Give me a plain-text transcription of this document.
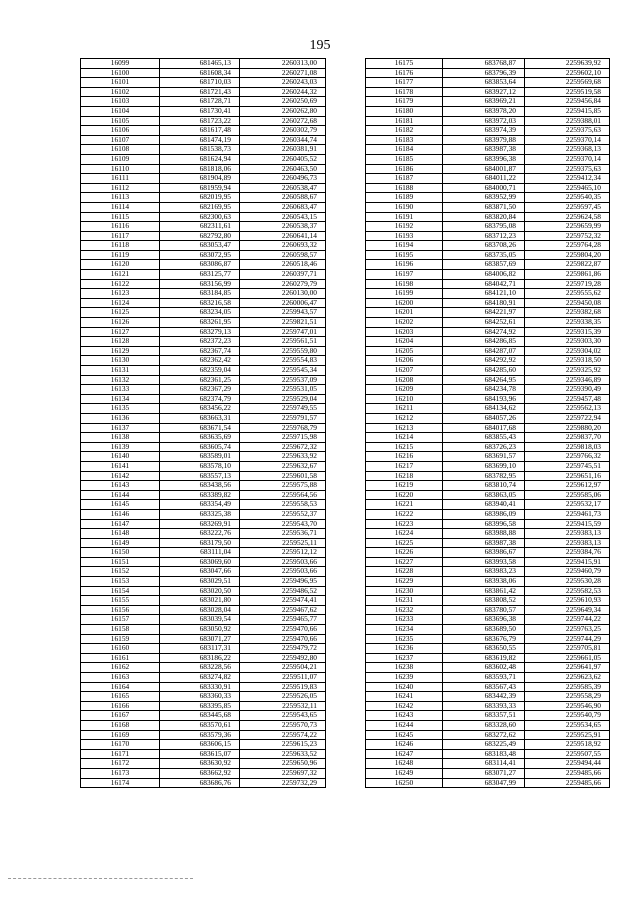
195
16099	681465,13	2260313,00
16100	681608,34	2260271,08
16101	681710,03	2260243,03
16102	681721,43	2260244,32
16103	681728,71	2260250,69
16104	681730,41	2260262,80
16105	681723,22	2260272,68
16106	681617,48	2260302,79
16107	681474,19	2260344,74
16108	681538,73	2260381,91
16109	681624,94	2260405,52
16110	681818,06	2260463,50
16111	681904,89	2260496,73
16112	681959,94	2260538,47
16113	682019,95	2260588,67
16114	682169,95	2260683,47
16115	682300,63	2260543,15
16116	682311,61	2260538,37
16117	682792,80	2260641,14
16118	683053,47	2260693,32
16119	683072,95	2260598,57
16120	683086,87	2260518,46
16121	683125,77	2260397,71
16122	683156,99	2260279,79
16123	683184,85	2260130,00
16124	683216,58	2260006,47
16125	683234,05	2259943,57
16126	683261,95	2259821,51
16127	683279,13	2259747,01
16128	682372,23	2259561,51
16129	682367,74	2259559,80
16130	682362,42	2259554,83
16131	682359,04	2259545,34
16132	682361,25	2259537,09
16133	682367,29	2259531,05
16134	682374,79	2259529,04
16135	683456,22	2259749,55
16136	683663,31	2259791,57
16137	683671,54	2259768,79
16138	683635,69	2259715,98
16139	683605,74	2259672,32
16140	683589,01	2259633,92
16141	683578,10	2259632,67
16142	683557,13	2259601,58
16143	683438,56	2259575,88
16144	683389,82	2259564,56
16145	683354,49	2259558,53
16146	683325,38	2259552,37
16147	683269,91	2259543,70
16148	683222,76	2259536,71
16149	683179,50	2259525,11
16150	683111,04	2259512,12
16151	683069,60	2259503,66
16152	683047,66	2259503,66
16153	683029,51	2259496,95
16154	683020,50	2259486,52
16155	683021,80	2259474,41
16156	683028,04	2259467,62
16157	683039,54	2259465,77
16158	683050,92	2259470,66
16159	683071,27	2259470,66
16160	683117,31	2259479,72
16161	683186,22	2259492,80
16162	683228,56	2259504,21
16163	683274,82	2259511,07
16164	683330,91	2259519,83
16165	683360,33	2259526,05
16166	683395,85	2259532,11
16167	683445,68	2259543,65
16168	683570,61	2259570,73
16169	683579,36	2259574,22
16170	683606,15	2259615,23
16171	683615,07	2259633,52
16172	683630,92	2259650,96
16173	683662,92	2259697,32
16174	683686,76	2259732,29
16175	683768,87	2259639,92
16176	683796,39	2259602,10
16177	683853,64	2259569,68
16178	683927,12	2259519,58
16179	683969,21	2259456,84
16180	683978,20	2259415,85
16181	683972,03	2259388,01
16182	683974,39	2259375,63
16183	683979,88	2259370,14
16184	683987,38	2259368,13
16185	683996,38	2259370,14
16186	684001,87	2259375,63
16187	684011,22	2259412,34
16188	684000,71	2259465,10
16189	683952,99	2259540,35
16190	683871,50	2259597,45
16191	683820,84	2259624,58
16192	683795,08	2259659,99
16193	683712,23	2259752,32
16194	683708,26	2259764,28
16195	683735,05	2259804,20
16196	683857,69	2259822,87
16197	684006,82	2259861,86
16198	684042,71	2259719,28
16199	684121,10	2259555,62
16200	684180,91	2259450,08
16201	684221,97	2259382,68
16202	684252,61	2259338,35
16203	684274,92	2259315,39
16204	684286,85	2259303,30
16205	684287,07	2259304,02
16206	684292,92	2259318,50
16207	684285,60	2259325,92
16208	684264,95	2259346,89
16209	684234,78	2259390,49
16210	684193,96	2259457,48
16211	684134,62	2259562,13
16212	684057,26	2259722,94
16213	684017,68	2259880,20
16214	683855,43	2259837,70
16215	683726,23	2259818,03
16216	683691,57	2259766,32
16217	683699,10	2259745,51
16218	683782,95	2259651,16
16219	683810,74	2259612,97
16220	683863,05	2259585,06
16221	683940,41	2259532,17
16222	683986,09	2259461,73
16223	683996,58	2259415,59
16224	683988,88	2259383,13
16225	683987,38	2259383,13
16226	683986,67	2259384,76
16227	683993,58	2259415,91
16228	683983,23	2259460,79
16229	683938,06	2259530,28
16230	683861,42	2259582,53
16231	683808,52	2259610,93
16232	683780,57	2259649,34
16233	683696,38	2259744,22
16234	683689,50	2259763,25
16235	683676,79	2259744,29
16236	683650,55	2259705,81
16237	683619,82	2259661,05
16238	683602,48	2259641,97
16239	683593,71	2259623,62
16240	683567,43	2259585,39
16241	683442,39	2259558,29
16242	683393,33	2259546,90
16243	683357,51	2259540,79
16244	683328,60	2259534,65
16245	683272,62	2259525,91
16246	683225,49	2259518,92
16247	683183,48	2259507,55
16248	683114,41	2259494,44
16249	683071,27	2259485,66
16250	683047,99	2259485,66
